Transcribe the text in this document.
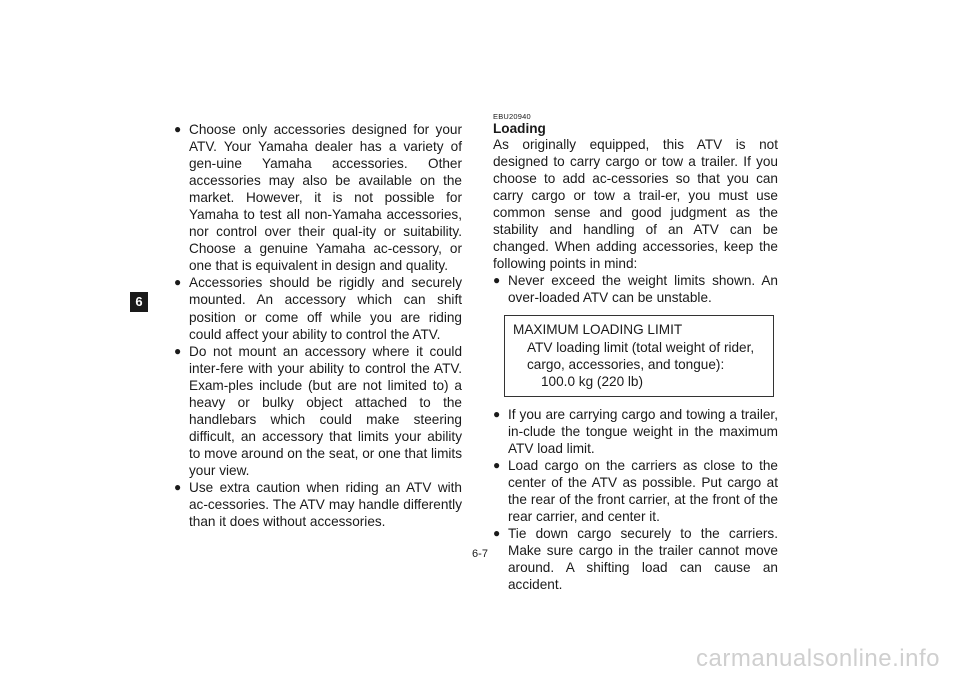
6

● Choose only accessories designed for your ATV. Your Yamaha dealer has a variety of gen-uine Yamaha accessories. Other accessories may also be available on the market. However, it is not possible for Yamaha to test all non-Yamaha accessories, nor control over their qual-ity or suitability. Choose a genuine Yamaha ac-cessory, or one that is equivalent in design and quality.

● Accessories should be rigidly and securely mounted. An accessory which can shift position or come off while you are riding could affect your ability to control the ATV.

● Do not mount an accessory where it could inter-fere with your ability to control the ATV. Exam-ples include (but are not limited to) a heavy or bulky object attached to the handlebars which could make steering difficult, an accessory that limits your ability to move around on the seat, or one that limits your view.

● Use extra caution when riding an ATV with ac-cessories. The ATV may handle differently than it does without accessories.

EBU20940
Loading

As originally equipped, this ATV is not designed to carry cargo or tow a trailer. If you choose to add ac-cessories so that you can carry cargo or tow a trail-er, you must use common sense and good judgment as the stability and handling of an ATV can be changed. When adding accessories, keep the following points in mind:

● Never exceed the weight limits shown. An over-loaded ATV can be unstable.

MAXIMUM LOADING LIMIT
ATV loading limit (total weight of rider, cargo, accessories, and tongue):
100.0 kg (220 lb)

● If you are carrying cargo and towing a trailer, in-clude the tongue weight in the maximum ATV load limit.

● Load cargo on the carriers as close to the center of the ATV as possible. Put cargo at the rear of the front carrier, at the front of the rear carrier, and center it.

● Tie down cargo securely to the carriers. Make sure cargo in the trailer cannot move around. A shifting load can cause an accident.

6-7
carmanualsonline.info
